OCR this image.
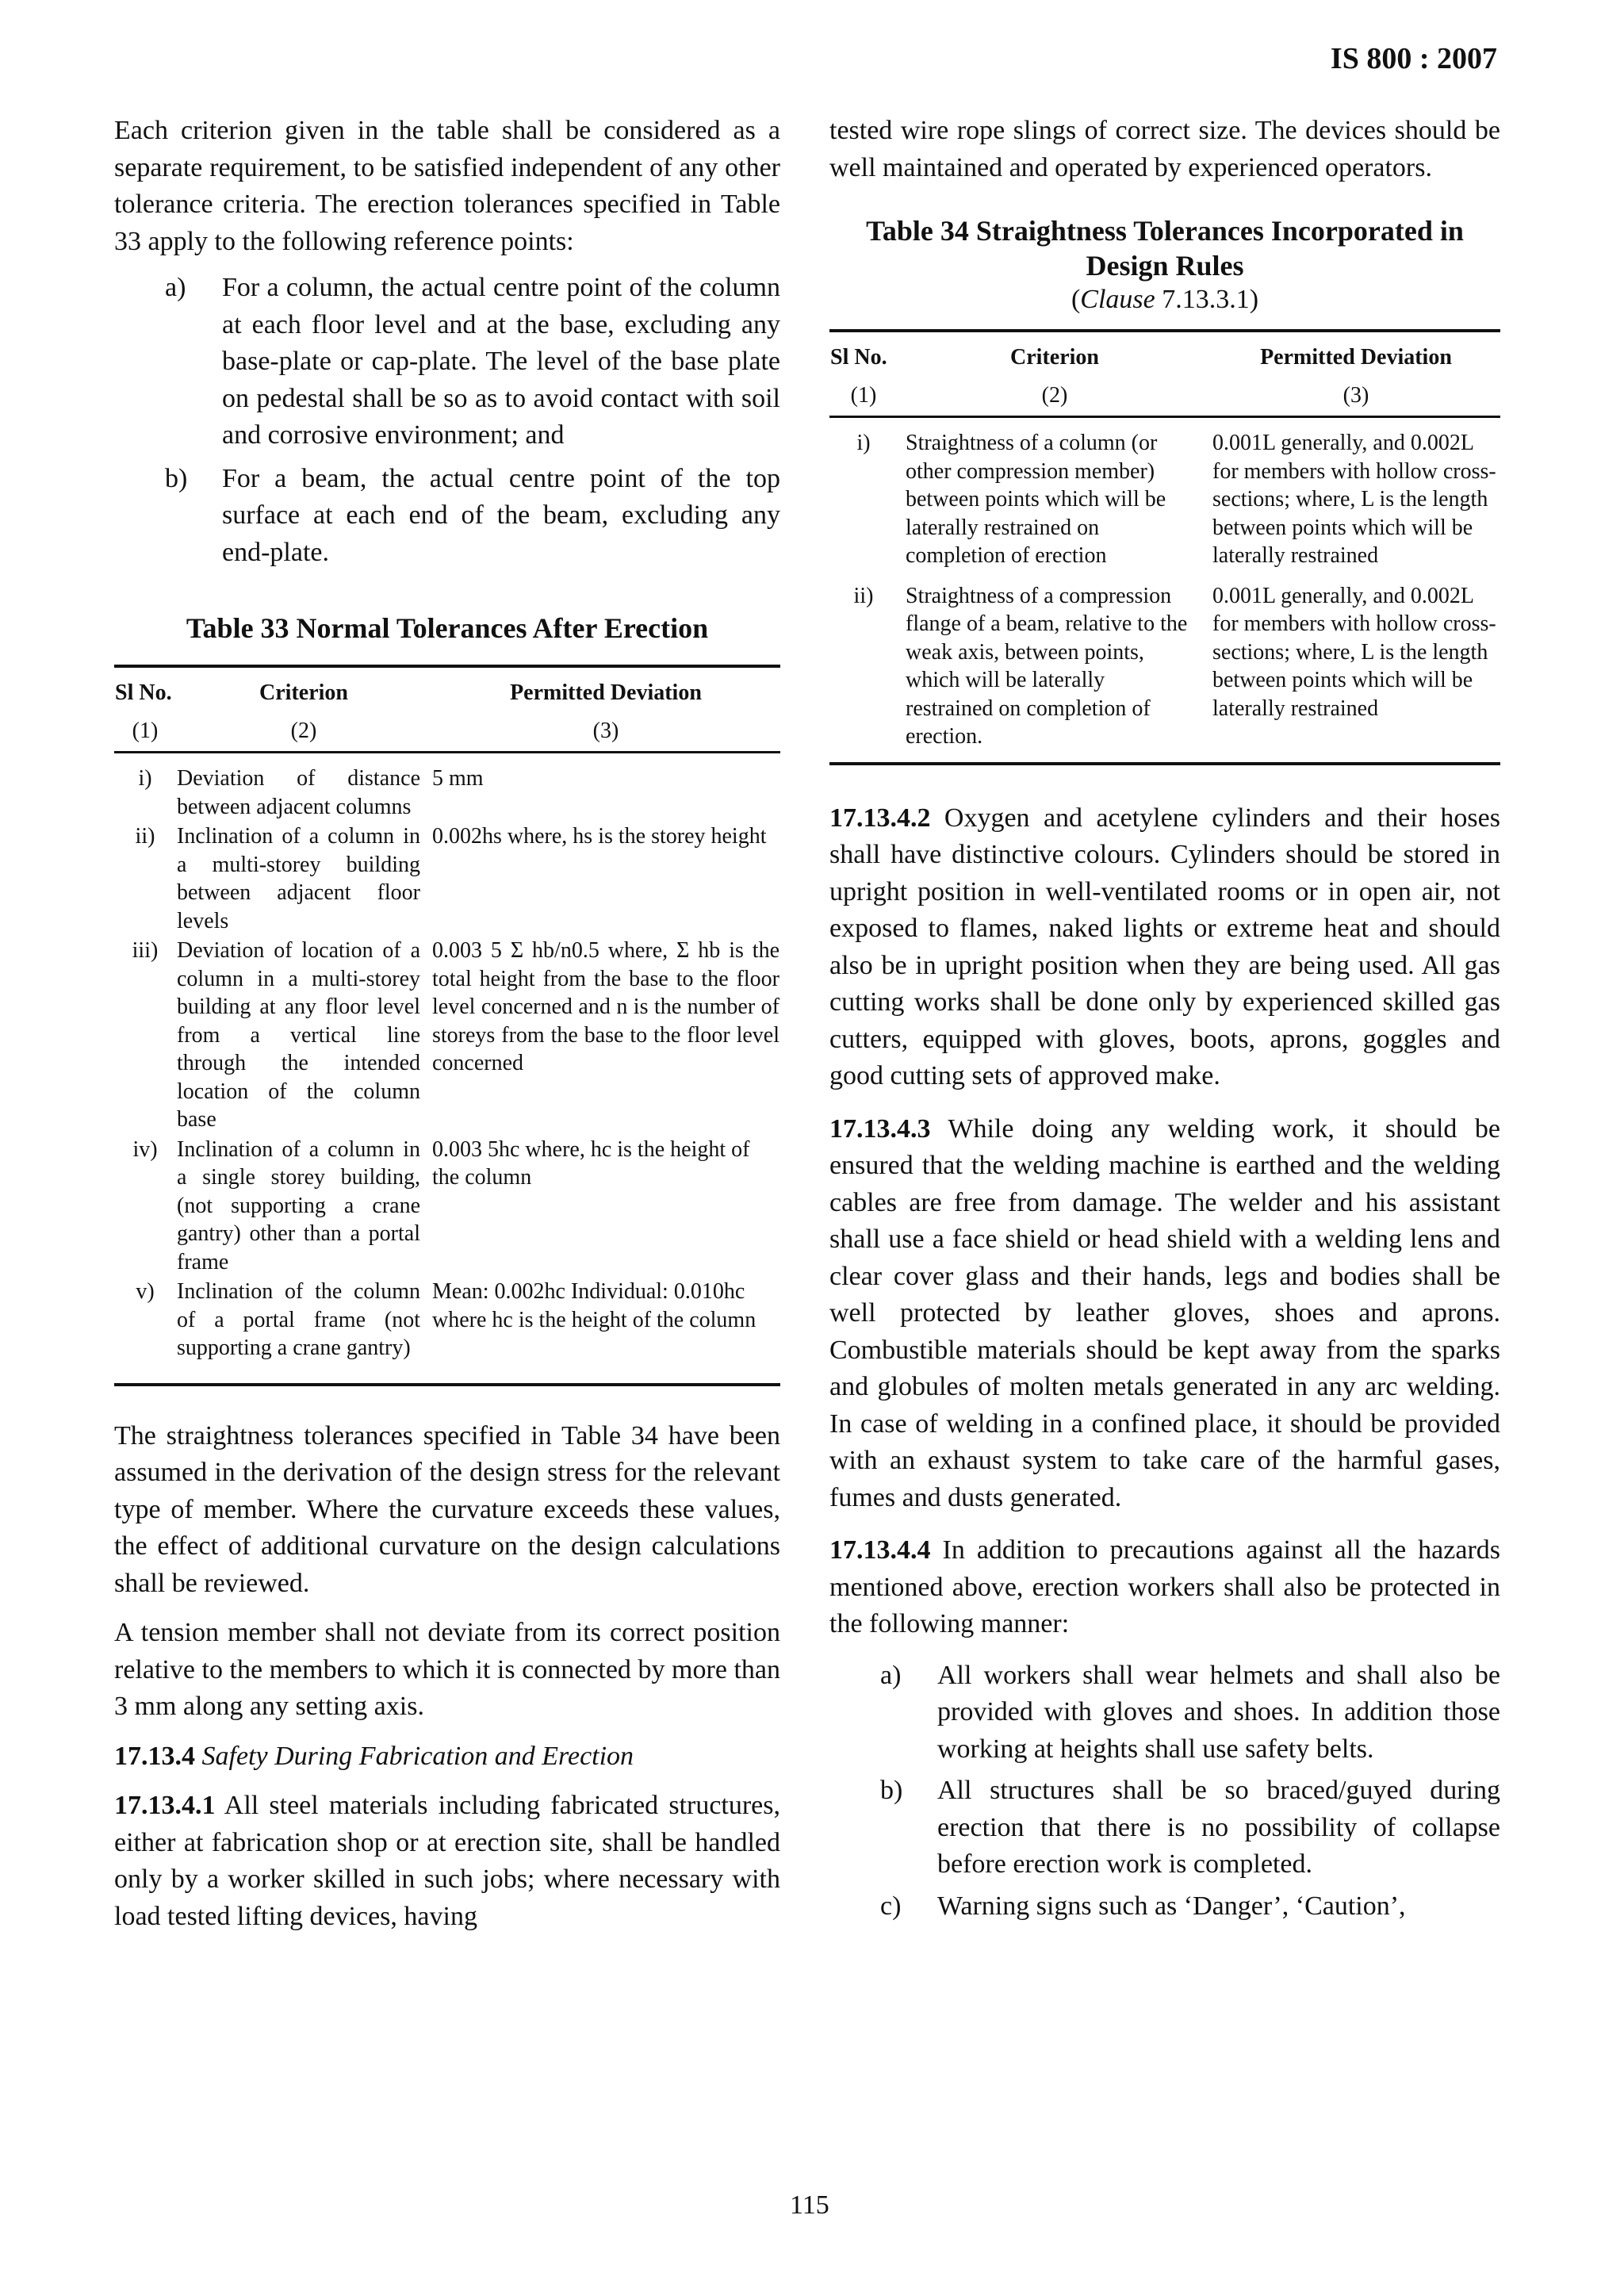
IS 800 : 2007

Each criterion given in the table shall be considered as a separate requirement, to be satisfied independent of any other tolerance criteria. The erection tolerances specified in Table 33 apply to the following reference points:

a) For a column, the actual centre point of the column at each floor level and at the base, excluding any base-plate or cap-plate. The level of the base plate on pedestal shall be so as to avoid contact with soil and corrosive environment; and
b) For a beam, the actual centre point of the top surface at each end of the beam, excluding any end-plate.
Table 33 Normal Tolerances After Erection
Sl No.	Criterion	Permitted Deviation
(1)	(2)	(3)
i)	Deviation of distance between adjacent columns	5 mm
ii)	Inclination of a column in a multi-storey building between adjacent floor levels	0.002hs where, hs is the storey height
iii)	Deviation of location of a column in a multi-storey building at any floor level from a vertical line through the intended location of the column base	0.003 5 Σ hb/n0.5 where, Σ hb is the total height from the base to the floor level concerned and n is the number of storeys from the base to the floor level concerned
iv)	Inclination of a column in a single storey building, (not supporting a crane gantry) other than a portal frame	0.003 5hc where, hc is the height of the column
v)	Inclination of the column of a portal frame (not supporting a crane gantry)	Mean: 0.002hc Individual: 0.010hc where hc is the height of the column

The straightness tolerances specified in Table 34 have been assumed in the derivation of the design stress for the relevant type of member. Where the curvature exceeds these values, the effect of additional curvature on the design calculations shall be reviewed.

A tension member shall not deviate from its correct position relative to the members to which it is connected by more than 3 mm along any setting axis.

17.13.4 Safety During Fabrication and Erection

17.13.4.1 All steel materials including fabricated structures, either at fabrication shop or at erection site, shall be handled only by a worker skilled in such jobs; where necessary with load tested lifting devices, having

tested wire rope slings of correct size. The devices should be well maintained and operated by experienced operators.

Table 34 Straightness Tolerances Incorporated in Design Rules
(Clause 7.13.3.1)
Sl No.	Criterion	Permitted Deviation
(1)	(2)	(3)
i)	Straightness of a column (or other compression member) between points which will be laterally restrained on completion of erection	0.001L generally, and 0.002L for members with hollow cross-sections; where, L is the length between points which will be laterally restrained
ii)	Straightness of a compression flange of a beam, relative to the weak axis, between points, which will be laterally restrained on completion of erection.	0.001L generally, and 0.002L for members with hollow cross-sections; where, L is the length between points which will be laterally restrained

17.13.4.2 Oxygen and acetylene cylinders and their hoses shall have distinctive colours. Cylinders should be stored in upright position in well-ventilated rooms or in open air, not exposed to flames, naked lights or extreme heat and should also be in upright position when they are being used. All gas cutting works shall be done only by experienced skilled gas cutters, equipped with gloves, boots, aprons, goggles and good cutting sets of approved make.

17.13.4.3 While doing any welding work, it should be ensured that the welding machine is earthed and the welding cables are free from damage. The welder and his assistant shall use a face shield or head shield with a welding lens and clear cover glass and their hands, legs and bodies shall be well protected by leather gloves, shoes and aprons. Combustible materials should be kept away from the sparks and globules of molten metals generated in any arc welding. In case of welding in a confined place, it should be provided with an exhaust system to take care of the harmful gases, fumes and dusts generated.

17.13.4.4 In addition to precautions against all the hazards mentioned above, erection workers shall also be protected in the following manner:

a) All workers shall wear helmets and shall also be provided with gloves and shoes. In addition those working at heights shall use safety belts.
b) All structures shall be so braced/guyed during erection that there is no possibility of collapse before erection work is completed.
c) Warning signs such as ‘Danger’, ‘Caution’,
115
